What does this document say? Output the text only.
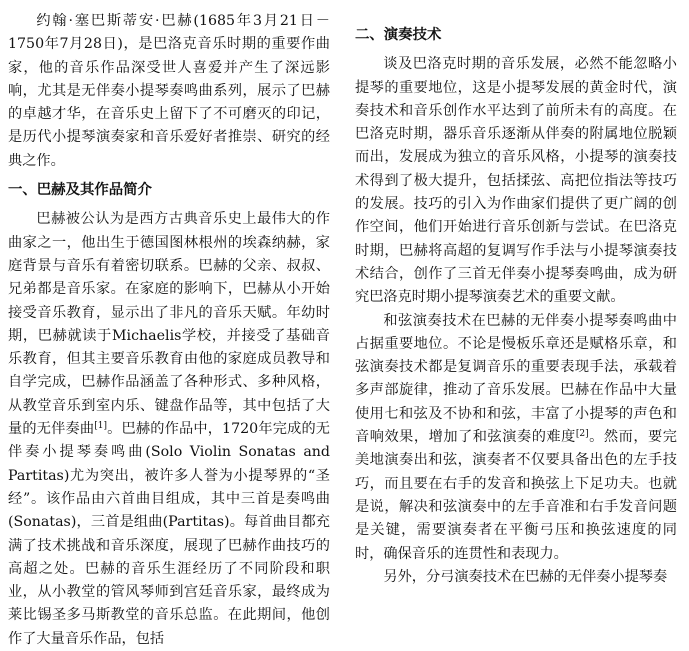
约翰·塞巴斯蒂安·巴赫(1685年3月21日－1750年7月28日)，是巴洛克音乐时期的重要作曲家，他的音乐作品深受世人喜爱并产生了深远影响，尤其是无伴奏小提琴奏鸣曲系列，展示了巴赫的卓越才华，在音乐史上留下了不可磨灭的印记，是历代小提琴演奏家和音乐爱好者推崇、研究的经典之作。

一、巴赫及其作品简介

巴赫被公认为是西方古典音乐史上最伟大的作曲家之一，他出生于德国图林根州的埃森纳赫，家庭背景与音乐有着密切联系。巴赫的父亲、叔叔、兄弟都是音乐家。在家庭的影响下，巴赫从小开始接受音乐教育，显示出了非凡的音乐天赋。年幼时期，巴赫就读于Michaelis学校，并接受了基础音乐教育，但其主要音乐教育由他的家庭成员教导和自学完成，巴赫作品涵盖了各种形式、多种风格，从教堂音乐到室内乐、键盘作品等，其中包括了大量的无伴奏曲[1]。巴赫的作品中，1720年完成的无伴奏小提琴奏鸣曲(Solo Violin Sonatas and Partitas)尤为突出，被许多人誉为小提琴界的“圣经”。该作品由六首曲目组成，其中三首是奏鸣曲(Sonatas)，三首是组曲(Partitas)。每首曲目都充满了技术挑战和音乐深度，展现了巴赫作曲技巧的高超之处。巴赫的音乐生涯经历了不同阶段和职业，从小教堂的管风琴师到宫廷音乐家，最终成为莱比锡圣多马斯教堂的音乐总监。在此期间，他创作了大量音乐作品，包括

二、演奏技术

谈及巴洛克时期的音乐发展，必然不能忽略小提琴的重要地位，这是小提琴发展的黄金时代，演奏技术和音乐创作水平达到了前所未有的高度。在巴洛克时期，器乐音乐逐渐从伴奏的附属地位脱颖而出，发展成为独立的音乐风格，小提琴的演奏技术得到了极大提升，包括揉弦、高把位指法等技巧的发展。技巧的引入为作曲家们提供了更广阔的创作空间，他们开始进行音乐创新与尝试。在巴洛克时期，巴赫将高超的复调写作手法与小提琴演奏技术结合，创作了三首无伴奏小提琴奏鸣曲，成为研究巴洛克时期小提琴演奏艺术的重要文献。

和弦演奏技术在巴赫的无伴奏小提琴奏鸣曲中占据重要地位。不论是慢板乐章还是赋格乐章，和弦演奏技术都是复调音乐的重要表现手法，承载着多声部旋律，推动了音乐发展。巴赫在作品中大量使用七和弦及不协和和弦，丰富了小提琴的声色和音响效果，增加了和弦演奏的难度[2]。然而，要完美地演奏出和弦，演奏者不仅要具备出色的左手技巧，而且要在右手的发音和换弦上下足功夫。也就是说，解决和弦演奏中的左手音准和右手发音问题是关键，需要演奏者在平衡弓压和换弦速度的同时，确保音乐的连贯性和表现力。

另外，分弓演奏技术在巴赫的无伴奏小提琴奏
